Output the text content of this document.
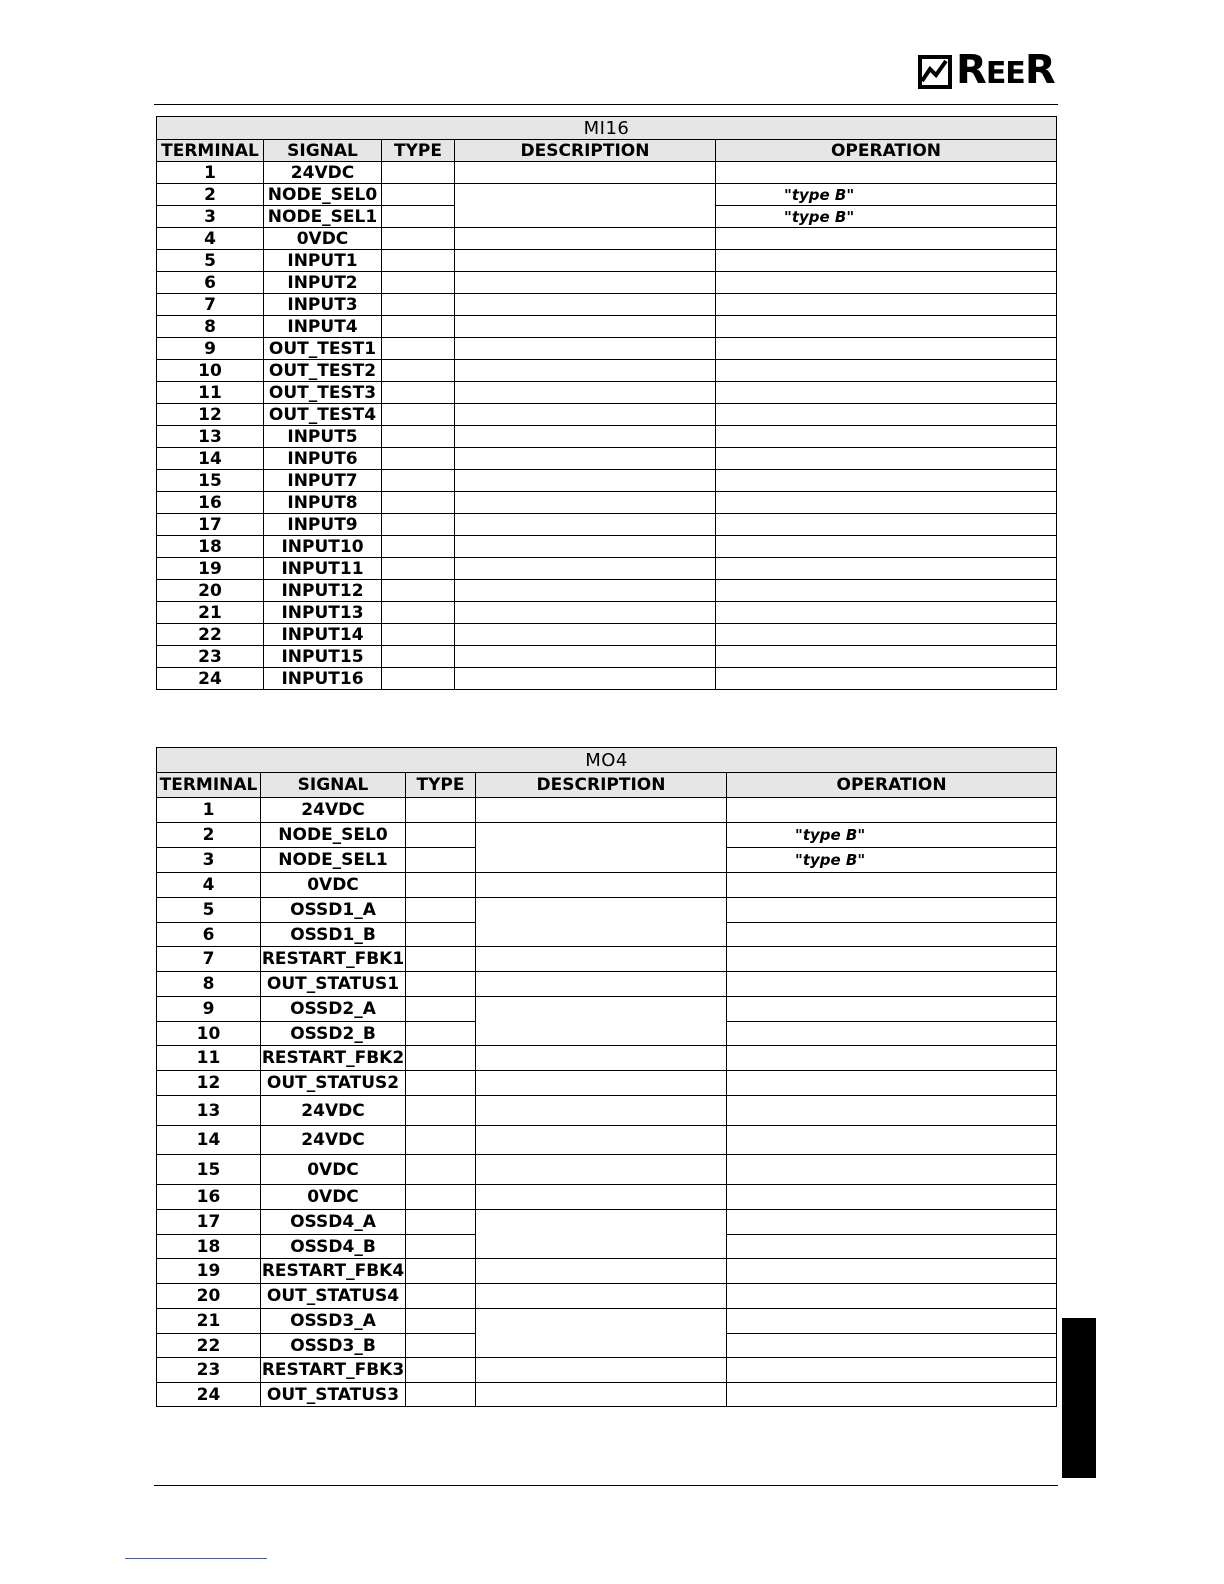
REER
MI16				
TERMINAL	SIGNAL	TYPE	DESCRIPTION	OPERATION
1	24VDC			
2	NODE_SEL0			"type B"
3	NODE_SEL1			"type B"
4	0VDC			
5	INPUT1			
6	INPUT2			
7	INPUT3			
8	INPUT4			
9	OUT_TEST1			
10	OUT_TEST2			
11	OUT_TEST3			
12	OUT_TEST4			
13	INPUT5			
14	INPUT6			
15	INPUT7			
16	INPUT8			
17	INPUT9			
18	INPUT10			
19	INPUT11			
20	INPUT12			
21	INPUT13			
22	INPUT14			
23	INPUT15			
24	INPUT16			
MO4				
TERMINAL	SIGNAL	TYPE	DESCRIPTION	OPERATION
1	24VDC			
2	NODE_SEL0			"type B"
3	NODE_SEL1			"type B"
4	0VDC			
5	OSSD1_A			
6	OSSD1_B			
7	RESTART_FBK1			
8	OUT_STATUS1			
9	OSSD2_A			
10	OSSD2_B			
11	RESTART_FBK2			
12	OUT_STATUS2			
13	24VDC			
14	24VDC			
15	0VDC			
16	0VDC			
17	OSSD4_A			
18	OSSD4_B			
19	RESTART_FBK4			
20	OUT_STATUS4			
21	OSSD3_A			
22	OSSD3_B			
23	RESTART_FBK3			
24	OUT_STATUS3			
